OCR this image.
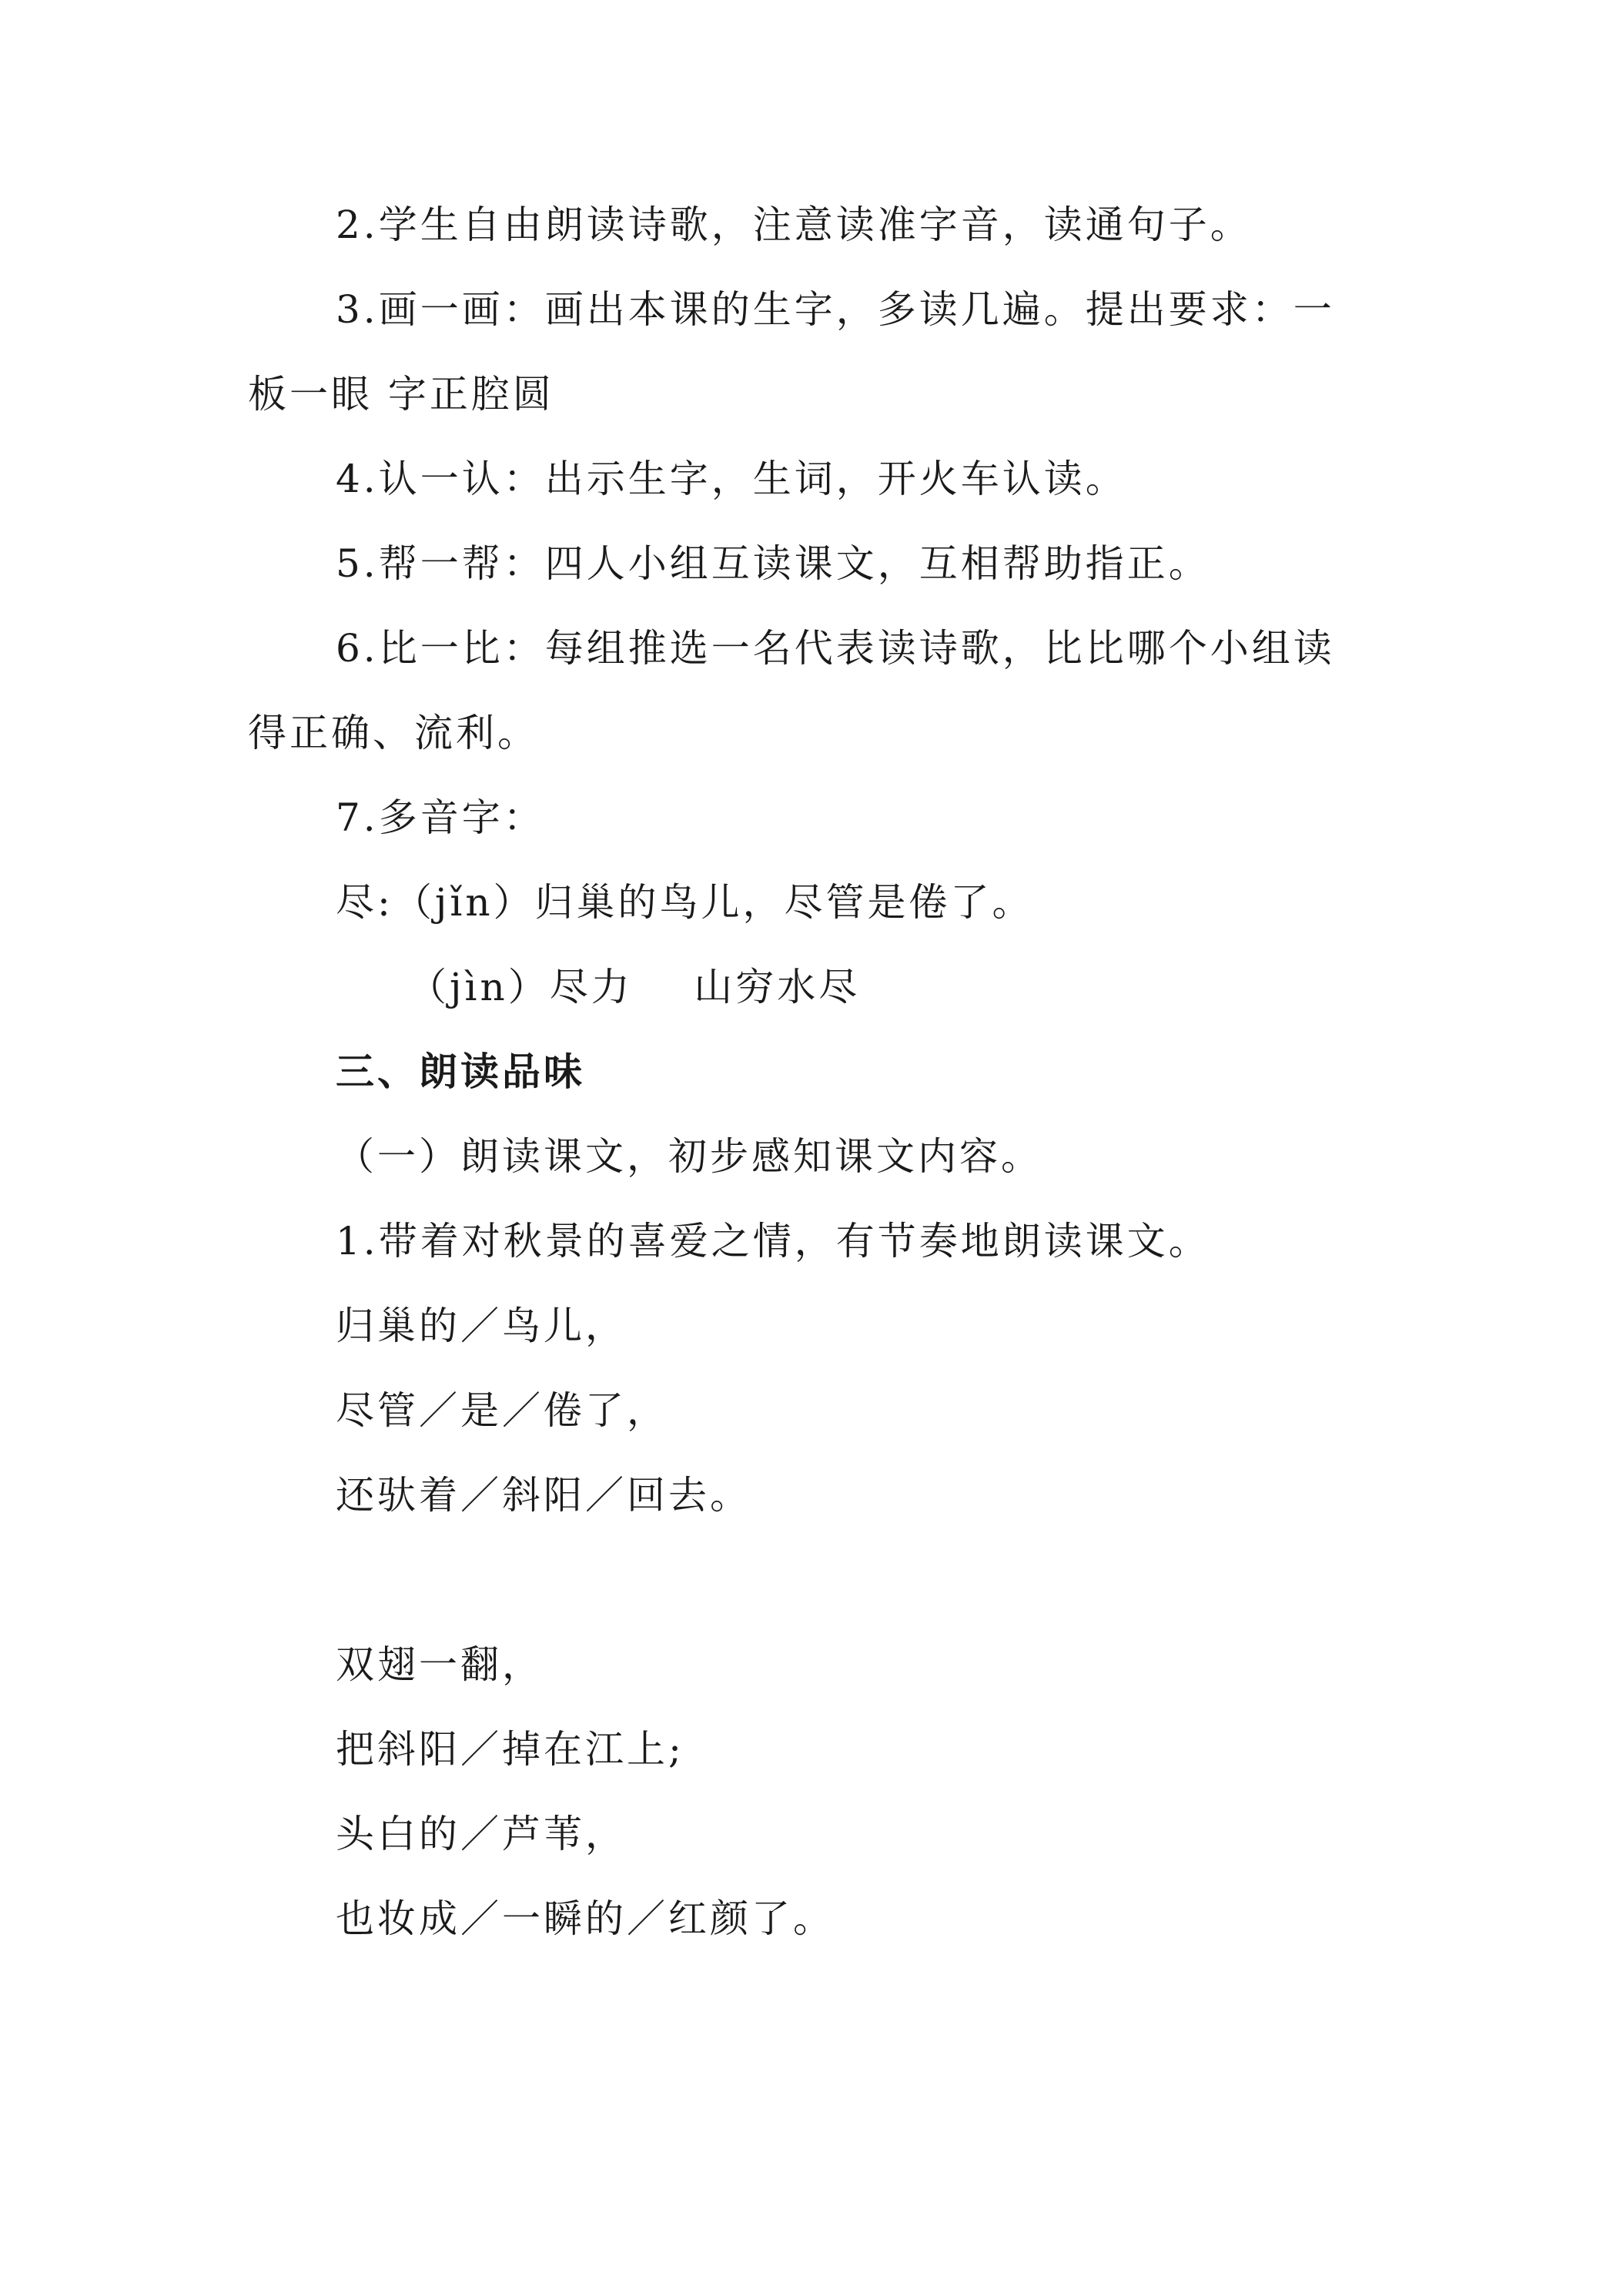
2.学生自由朗读诗歌，注意读准字音，读通句子。
3.画一画：画出本课的生字，多读几遍。提出要求：一
板一眼 字正腔圆
4.认一认：出示生字，生词，开火车认读。
5.帮一帮：四人小组互读课文，互相帮助指正。
6.比一比：每组推选一名代表读诗歌，比比哪个小组读
得正确、流利。
7.多音字：
尽:（jǐn）归巢的鸟儿，尽管是倦了。
（jìn）尽力    山穷水尽
三、朗读品味
（一）朗读课文，初步感知课文内容。
1.带着对秋景的喜爱之情，有节奏地朗读课文。
归巢的／鸟儿，
尽管／是／倦了，
还驮着／斜阳／回去。
双翅一翻，
把斜阳／掉在江上;
头白的／芦苇，
也妆成／一瞬的／红颜了。
